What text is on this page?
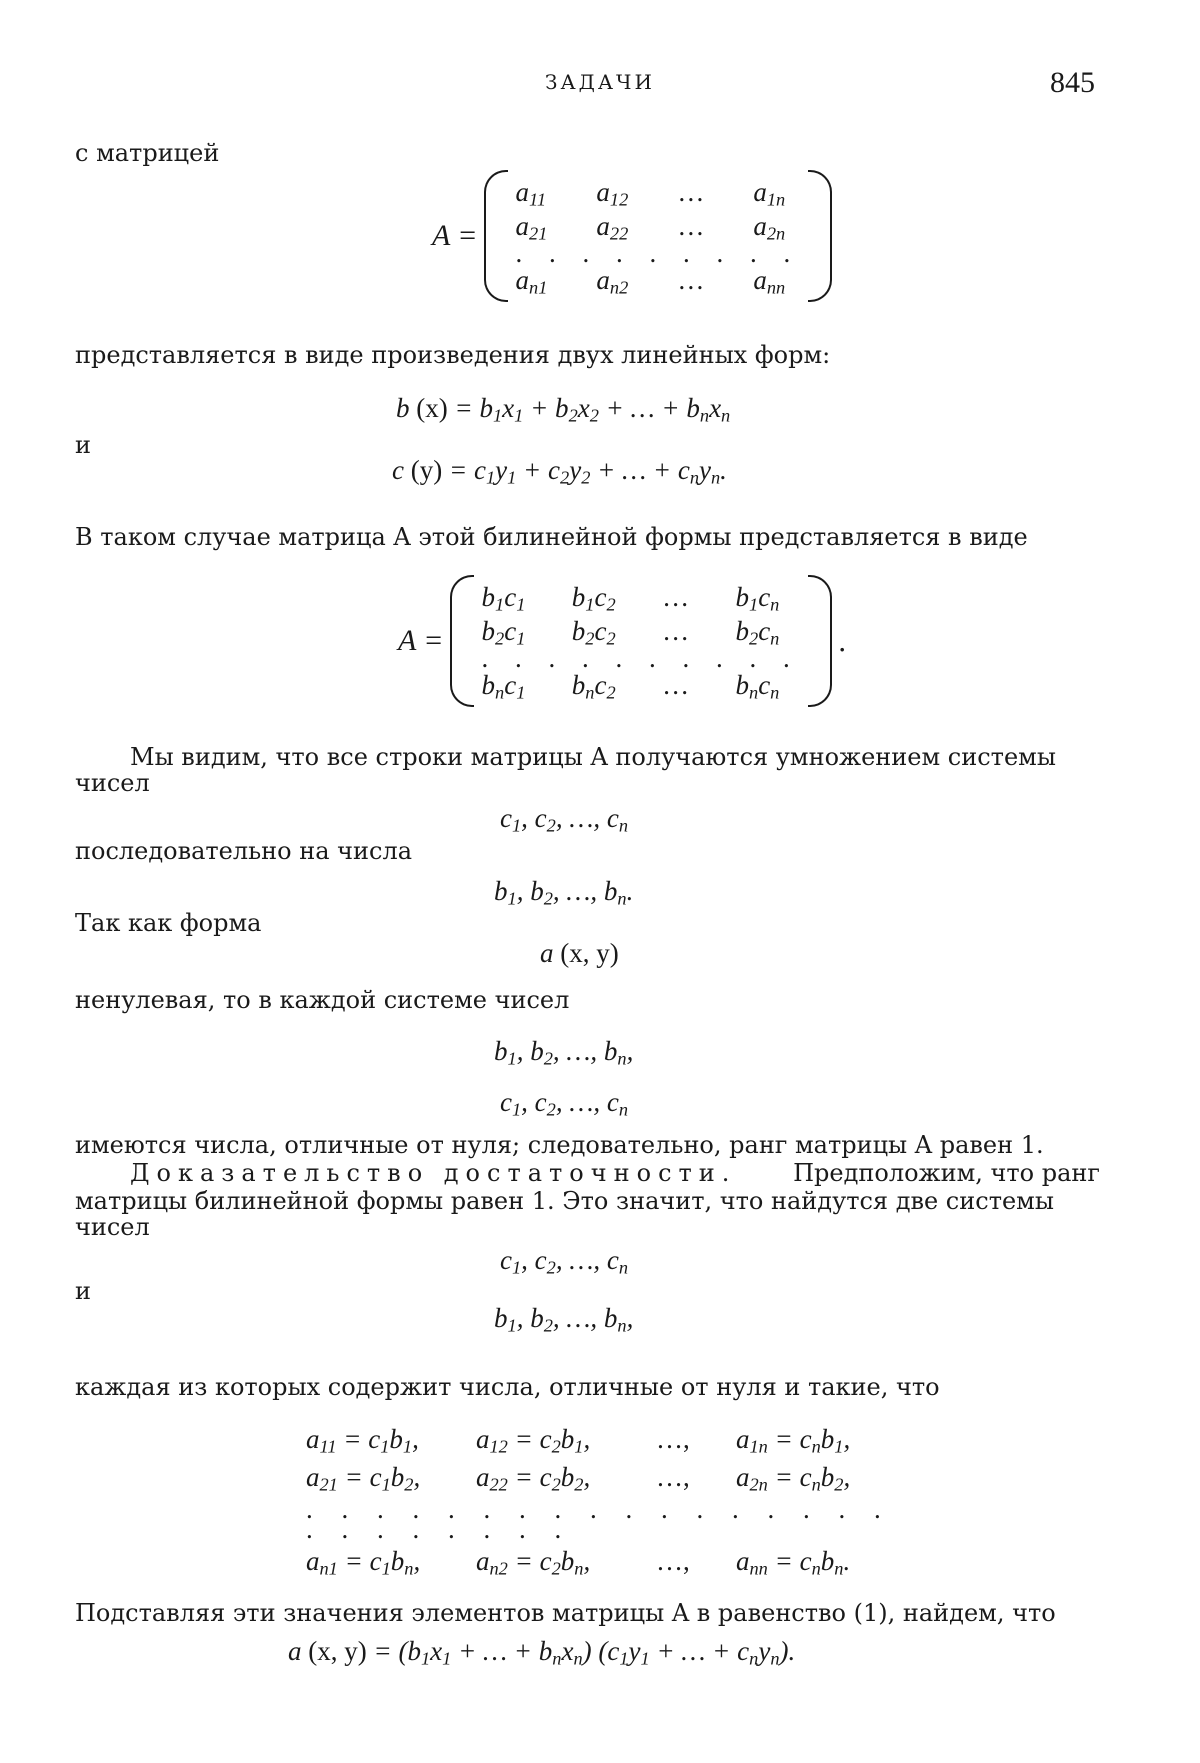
ЗАДАЧИ	845
с матрицей
A =
$a_{11}$	$a_{12}$	…	$a_{1n}$
$a_{21}$	$a_{22}$	…	$a_{2n}$
. . . . . . . . .
$a_{n1}$	$a_{n2}$	…	$a_{nn}$
представляется в виде произведения двух линейных форм:
b $(x) = b_1x_1 + b_2x_2$ + … + $b_nx_n$
и
c $(y) = c_1y_1 + c_2y_2$ + … + $c_ny_n$.
В таком случае матрица A этой билинейной формы представляется в виде
A =
$b_1c_1$	$b_1c_2$	…	$b_1c_n$
$b_2c_1$	$b_2c_2$	…	$b_2c_n$
. . . . . . . . . .
$b_nc_1$	$b_nc_2$	…	$b_nc_n$
.
Мы видим, что все строки матрицы A получаются умножением системы
чисел
$c_1$, $c_2$, …, $c_n$
последовательно на числа
$b_1$, $b_2$, …, $b_n$.
Так как форма
a (x, y)
ненулевая, то в каждой системе чисел
$b_1$, $b_2$, …, $b_n$,
$c_1$, $c_2$, …, $c_n$
имеются числа, отличные от нуля; следовательно, ранг матрицы A равен 1.
Доказательство достаточности. Предположим, что ранг
матрицы билинейной формы равен 1. Это значит, что найдутся две системы
чисел
$c_1$, $c_2$, …, $c_n$
и
$b_1$, $b_2$, …, $b_n$,
каждая из которых содержит числа, отличные от нуля и такие, что
$a_{11} = c_1b_1$,	$a_{12} = c_2b_1$,	…,	$a_{1n} = c_nb_1$,
$a_{21} = c_1b_2$,	$a_{22} = c_2b_2$,	…,	$a_{2n} = c_nb_2$,
. . . . . . . . . . . . . . . . . . . . . . . . .
$a_{n1} = c_1b_n$,	$a_{n2} = c_2b_n$,	…,	$a_{nn} = c_nb_n$.
Подставляя эти значения элементов матрицы A в равенство (1), найдем, что
a (x, $y) = (b_1x_1$ + … + $b_nx_n$) ($c_1y_1$ + … + $c_ny_n$).
